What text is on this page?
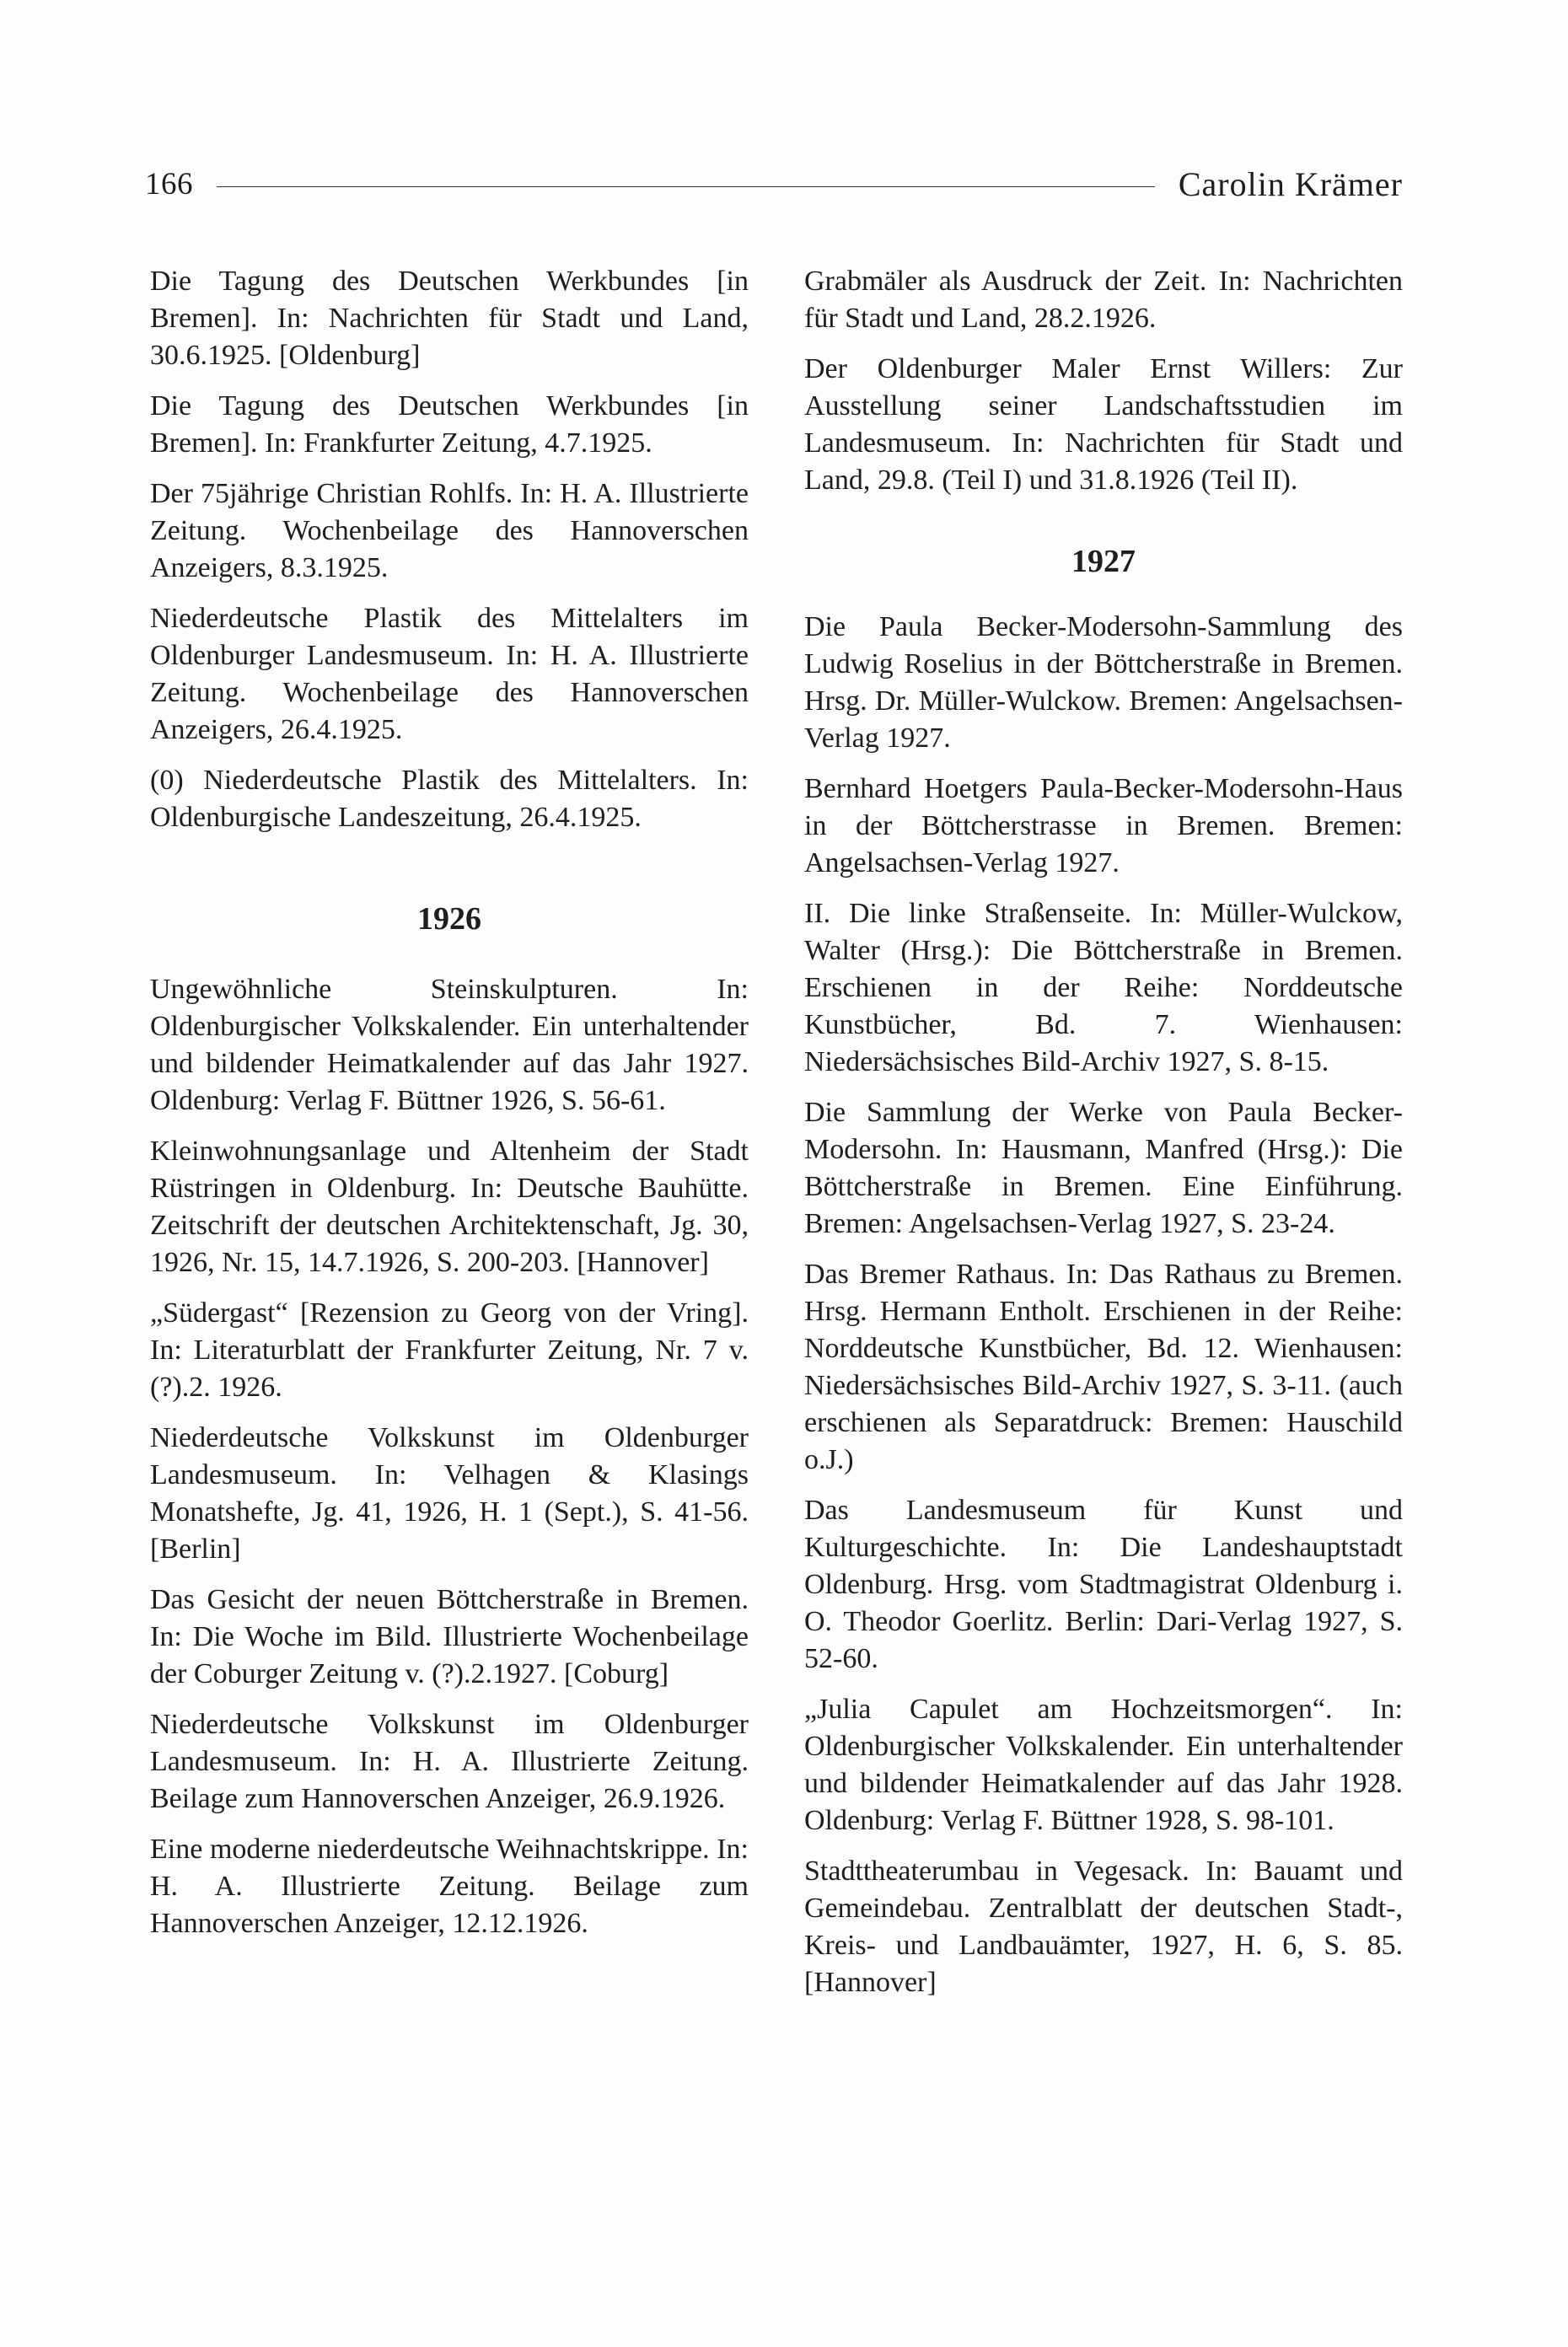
166	Carolin Krämer

Die Tagung des Deutschen Werkbundes [in Bremen]. In: Nachrichten für Stadt und Land, 30.6.1925. [Oldenburg]

Die Tagung des Deutschen Werkbundes [in Bremen]. In: Frankfurter Zeitung, 4.7.1925.

Der 75jährige Christian Rohlfs. In: H. A. Illustrierte Zeitung. Wochenbeilage des Hannoverschen Anzeigers, 8.3.1925.

Niederdeutsche Plastik des Mittelalters im Oldenburger Landesmuseum. In: H. A. Illustrierte Zeitung. Wochenbeilage des Hannoverschen Anzeigers, 26.4.1925.

(0) Niederdeutsche Plastik des Mittelalters. In: Oldenburgische Landeszeitung, 26.4.1925.

1926

Ungewöhnliche Steinskulpturen. In: Oldenburgischer Volkskalender. Ein unterhaltender und bildender Heimatkalender auf das Jahr 1927. Oldenburg: Verlag F. Büttner 1926, S. 56-61.

Kleinwohnungsanlage und Altenheim der Stadt Rüstringen in Oldenburg. In: Deutsche Bauhütte. Zeitschrift der deutschen Architektenschaft, Jg. 30, 1926, Nr. 15, 14.7.1926, S. 200-203. [Hannover]

„Südergast“ [Rezension zu Georg von der Vring]. In: Literaturblatt der Frankfurter Zeitung, Nr. 7 v. (?).2. 1926.

Niederdeutsche Volkskunst im Oldenburger Landesmuseum. In: Velhagen & Klasings Monatshefte, Jg. 41, 1926, H. 1 (Sept.), S. 41-56. [Berlin]

Das Gesicht der neuen Böttcherstraße in Bremen. In: Die Woche im Bild. Illustrierte Wochenbeilage der Coburger Zeitung v. (?).2.1927. [Coburg]

Niederdeutsche Volkskunst im Oldenburger Landesmuseum. In: H. A. Illustrierte Zeitung. Beilage zum Hannoverschen Anzeiger, 26.9.1926.

Eine moderne niederdeutsche Weihnachtskrippe. In: H. A. Illustrierte Zeitung. Beilage zum Hannoverschen Anzeiger, 12.12.1926.

Grabmäler als Ausdruck der Zeit. In: Nachrichten für Stadt und Land, 28.2.1926.

Der Oldenburger Maler Ernst Willers: Zur Ausstellung seiner Landschaftsstudien im Landesmuseum. In: Nachrichten für Stadt und Land, 29.8. (Teil I) und 31.8.1926 (Teil II).

1927

Die Paula Becker-Modersohn-Sammlung des Ludwig Roselius in der Böttcherstraße in Bremen. Hrsg. Dr. Müller-Wulckow. Bremen: Angelsachsen-Verlag 1927.

Bernhard Hoetgers Paula-Becker-Modersohn-Haus in der Böttcherstrasse in Bremen. Bremen: Angelsachsen-Verlag 1927.

II. Die linke Straßenseite. In: Müller-Wulckow, Walter (Hrsg.): Die Böttcherstraße in Bremen. Erschienen in der Reihe: Norddeutsche Kunstbücher, Bd. 7. Wienhausen: Niedersächsisches Bild-Archiv 1927, S. 8-15.

Die Sammlung der Werke von Paula Becker-Modersohn. In: Hausmann, Manfred (Hrsg.): Die Böttcherstraße in Bremen. Eine Einführung. Bremen: Angelsachsen-Verlag 1927, S. 23-24.

Das Bremer Rathaus. In: Das Rathaus zu Bremen. Hrsg. Hermann Entholt. Erschienen in der Reihe: Norddeutsche Kunstbücher, Bd. 12. Wienhausen: Niedersächsisches Bild-Archiv 1927, S. 3-11. (auch erschienen als Separatdruck: Bremen: Hauschild o.J.)

Das Landesmuseum für Kunst und Kulturgeschichte. In: Die Landeshauptstadt Oldenburg. Hrsg. vom Stadtmagistrat Oldenburg i. O. Theodor Goerlitz. Berlin: Dari-Verlag 1927, S. 52-60.

„Julia Capulet am Hochzeitsmorgen“. In: Oldenburgischer Volkskalender. Ein unterhaltender und bildender Heimatkalender auf das Jahr 1928. Oldenburg: Verlag F. Büttner 1928, S. 98-101.

Stadttheaterumbau in Vegesack. In: Bauamt und Gemeindebau. Zentralblatt der deutschen Stadt-, Kreis- und Landbauämter, 1927, H. 6, S. 85. [Hannover]
